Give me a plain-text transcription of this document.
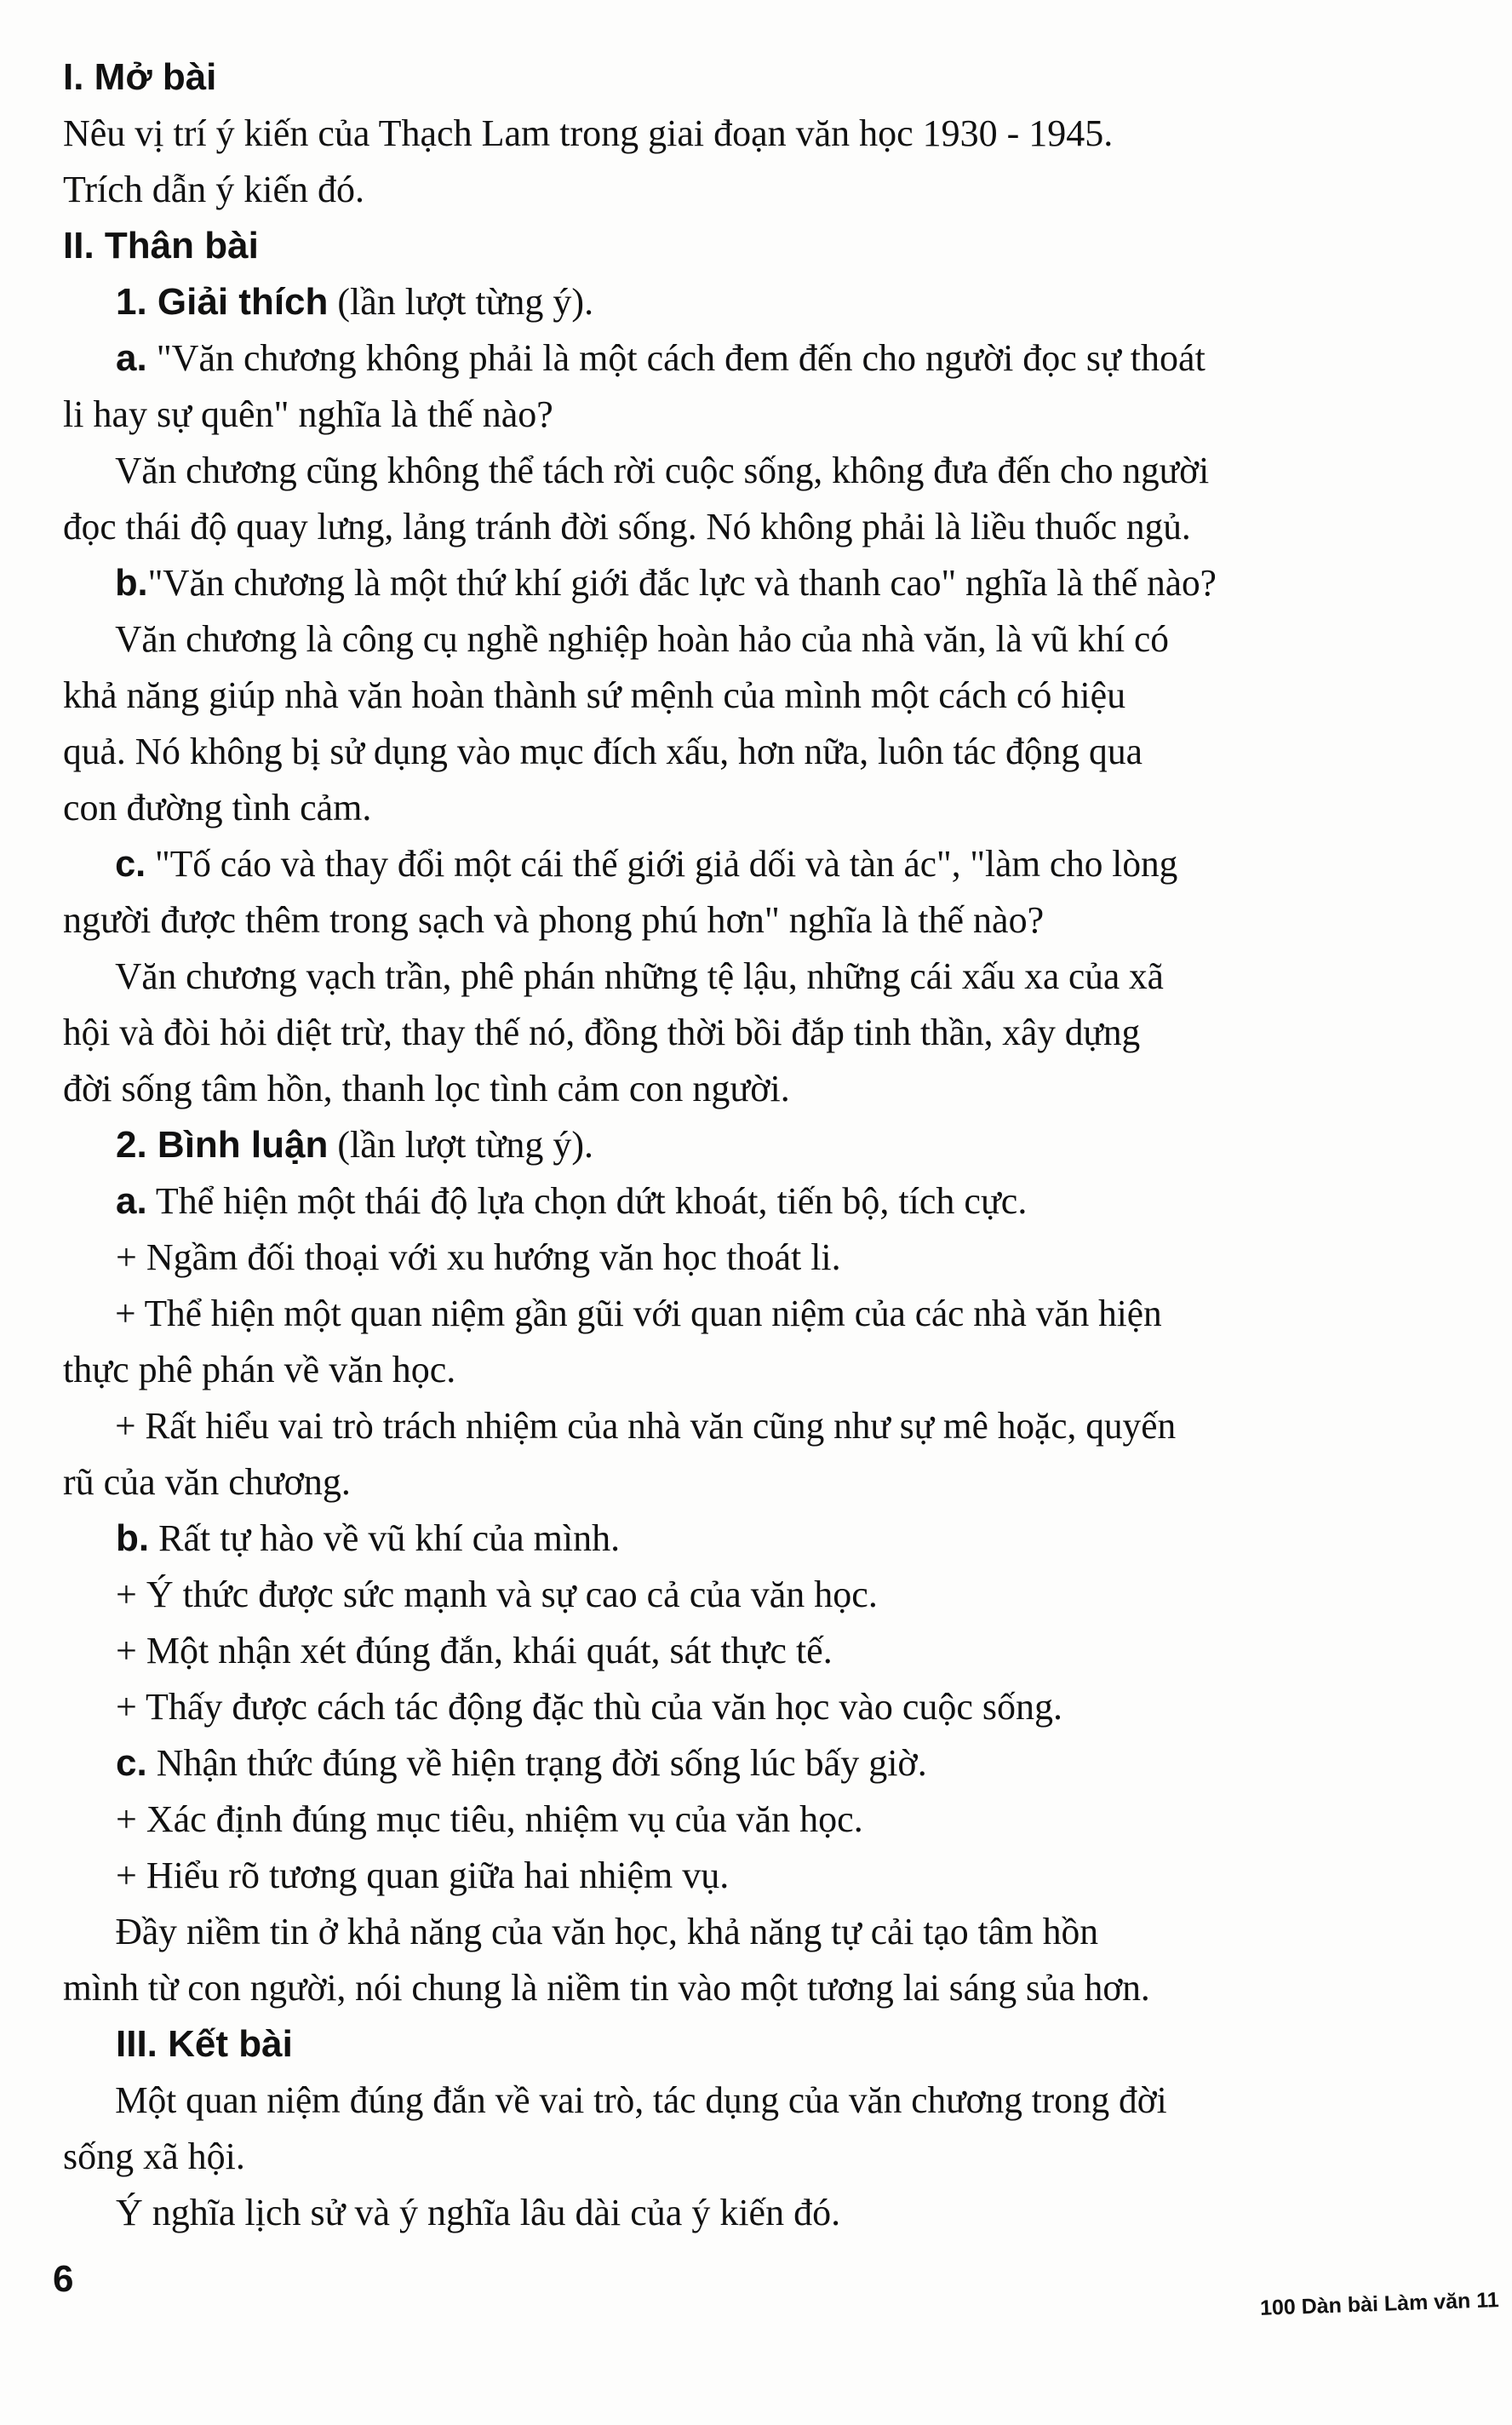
I. Mở bài
Nêu vị trí ý kiến của Thạch Lam trong giai đoạn văn học 1930 - 1945.
Trích dẫn ý kiến đó.
II. Thân bài
1. Giải thích (lần lượt từng ý).
a. "Văn chương không phải là một cách đem đến cho người đọc sự thoát
li hay sự quên" nghĩa là thế nào?
Văn chương cũng không thể tách rời cuộc sống, không đưa đến cho người
đọc thái độ quay lưng, lảng tránh đời sống. Nó không phải là liều thuốc ngủ.
b."Văn chương là một thứ khí giới đắc lực và thanh cao" nghĩa là thế nào?
Văn chương là công cụ nghề nghiệp hoàn hảo của nhà văn, là vũ khí có
khả năng giúp nhà văn hoàn thành sứ mệnh của mình một cách có hiệu
quả. Nó không bị sử dụng vào mục đích xấu, hơn nữa, luôn tác động qua
con đường tình cảm.
c. "Tố cáo và thay đổi một cái thế giới giả dối và tàn ác", "làm cho lòng
người được thêm trong sạch và phong phú hơn" nghĩa là thế nào?
Văn chương vạch trần, phê phán những tệ lậu, những cái xấu xa của xã
hội và đòi hỏi diệt trừ, thay thế nó, đồng thời bồi đắp tinh thần, xây dựng
đời sống tâm hồn, thanh lọc tình cảm con người.
2. Bình luận (lần lượt từng ý).
a. Thể hiện một thái độ lựa chọn dứt khoát, tiến bộ, tích cực.
+ Ngầm đối thoại với xu hướng văn học thoát li.
+ Thể hiện một quan niệm gần gũi với quan niệm của các nhà văn hiện
thực phê phán về văn học.
+ Rất hiểu vai trò trách nhiệm của nhà văn cũng như sự mê hoặc, quyến
rũ của văn chương.
b. Rất tự hào về vũ khí của mình.
+ Ý thức được sức mạnh và sự cao cả của văn học.
+ Một nhận xét đúng đắn, khái quát, sát thực tế.
+ Thấy được cách tác động đặc thù của văn học vào cuộc sống.
c. Nhận thức đúng về hiện trạng đời sống lúc bấy giờ.
+ Xác định đúng mục tiêu, nhiệm vụ của văn học.
+ Hiểu rõ tương quan giữa hai nhiệm vụ.
Đầy niềm tin ở khả năng của văn học, khả năng tự cải tạo tâm hồn
mình từ con người, nói chung là niềm tin vào một tương lai sáng sủa hơn.
III. Kết bài
Một quan niệm đúng đắn về vai trò, tác dụng của văn chương trong đời
sống xã hội.
Ý nghĩa lịch sử và ý nghĩa lâu dài của ý kiến đó.
6
100 Dàn bài Làm văn 11
